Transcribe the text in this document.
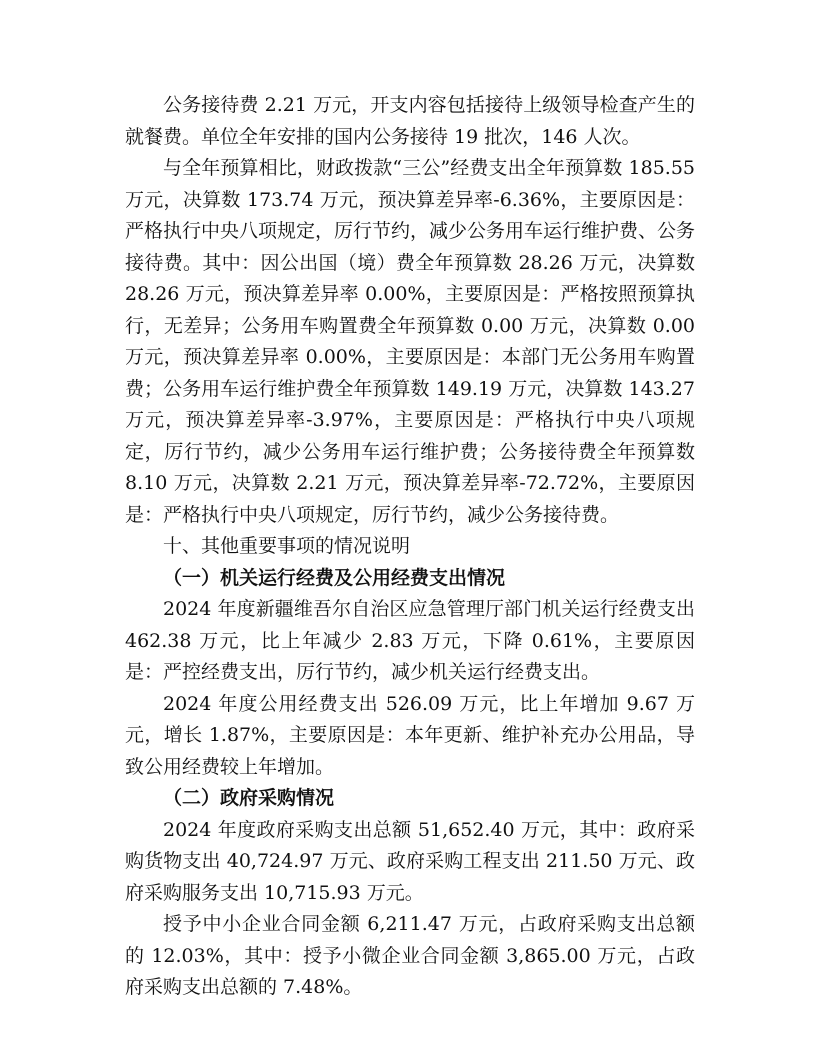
公务接待费 2.21 万元，开支内容包括接待上级领导检查产生的就餐费。单位全年安排的国内公务接待 19 批次，146 人次。

与全年预算相比，财政拨款“三公”经费支出全年预算数 185.55 万元，决算数 173.74 万元，预决算差异率-6.36%，主要原因是：严格执行中央八项规定，厉行节约，减少公务用车运行维护费、公务接待费。其中：因公出国（境）费全年预算数 28.26 万元，决算数 28.26 万元，预决算差异率 0.00%，主要原因是：严格按照预算执行，无差异；公务用车购置费全年预算数 0.00 万元，决算数 0.00 万元，预决算差异率 0.00%，主要原因是：本部门无公务用车购置费；公务用车运行维护费全年预算数 149.19 万元，决算数 143.27 万元，预决算差异率-3.97%，主要原因是：严格执行中央八项规定，厉行节约，减少公务用车运行维护费；公务接待费全年预算数 8.10 万元，决算数 2.21 万元，预决算差异率-72.72%，主要原因是：严格执行中央八项规定，厉行节约，减少公务接待费。

十、其他重要事项的情况说明

（一）机关运行经费及公用经费支出情况

2024 年度新疆维吾尔自治区应急管理厅部门机关运行经费支出 462.38 万元，比上年减少 2.83 万元，下降 0.61%，主要原因是：严控经费支出，厉行节约，减少机关运行经费支出。

2024 年度公用经费支出 526.09 万元，比上年增加 9.67 万元，增长 1.87%，主要原因是：本年更新、维护补充办公用品，导致公用经费较上年增加。

（二）政府采购情况

2024 年度政府采购支出总额 51,652.40 万元，其中：政府采购货物支出 40,724.97 万元、政府采购工程支出 211.50 万元、政府采购服务支出 10,715.93 万元。

授予中小企业合同金额 6,211.47 万元，占政府采购支出总额的 12.03%，其中：授予小微企业合同金额 3,865.00 万元，占政府采购支出总额的 7.48%。
